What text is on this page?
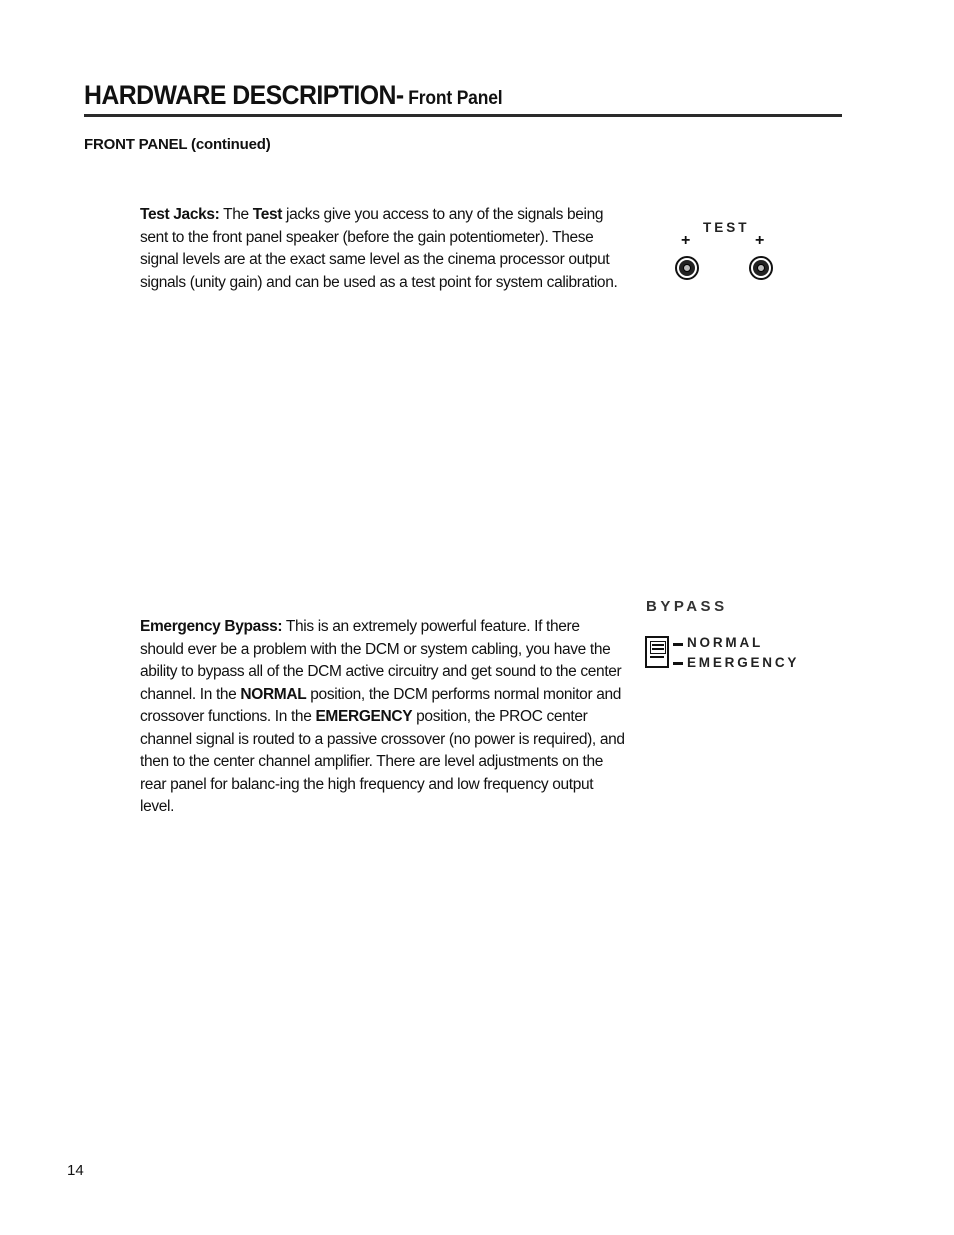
HARDWARE DESCRIPTION- Front Panel
FRONT PANEL (continued)
Test Jacks: The Test jacks give you access to any of the signals being sent to the front panel speaker (before the gain potentiometer). These signal levels are at the exact same level as the cinema processor output signals (unity gain) and can be used as a test point for system calibration.
TEST
+	+
Emergency Bypass: This is an extremely powerful feature. If there should ever be a problem with the DCM or system cabling, you have the ability to bypass all of the DCM active circuitry and get sound to the center channel. In the NORMAL position, the DCM performs normal monitor and crossover functions. In the EMERGENCY position, the PROC center channel signal is routed to a passive crossover (no power is required), and then to the center channel amplifier. There are level adjustments on the rear panel for balanc-ing the high frequency and low frequency output level.
BYPASS
NORMAL
EMERGENCY
14
